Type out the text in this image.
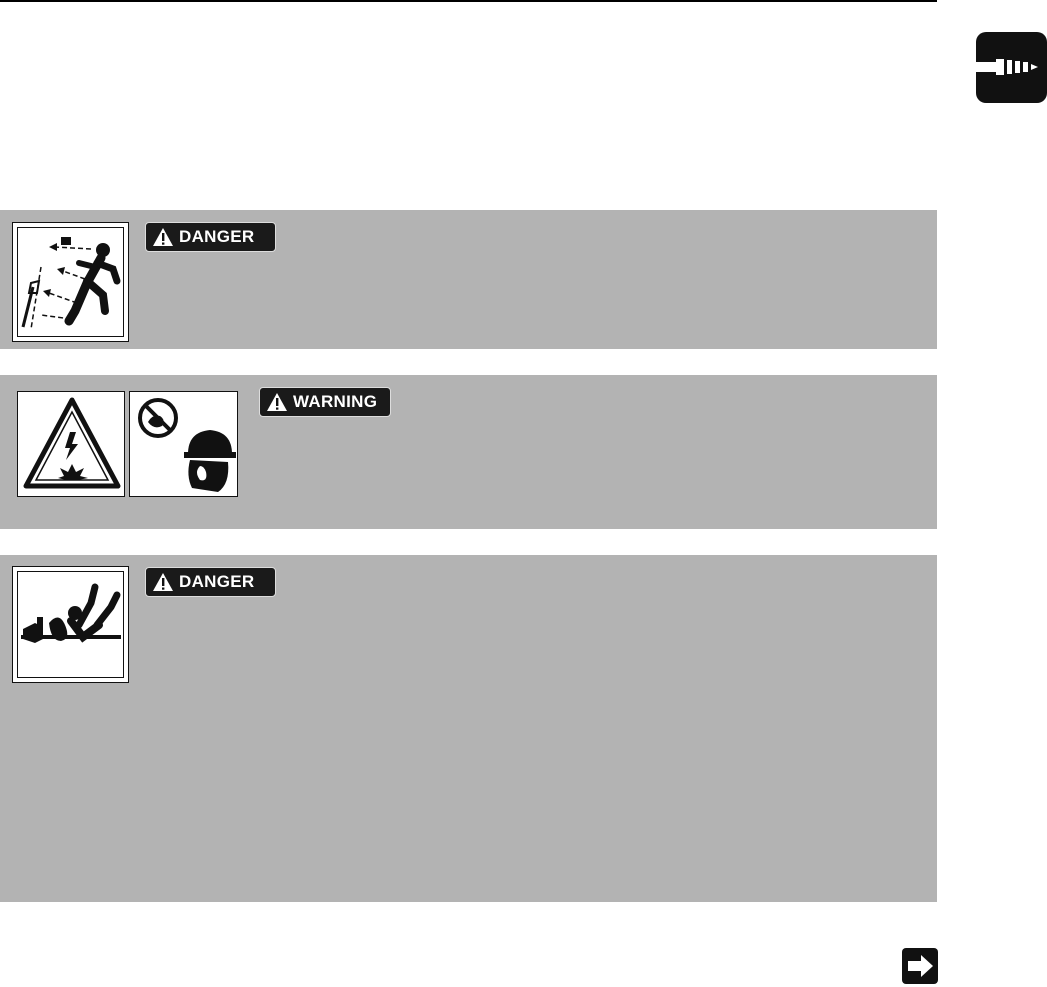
DANGER
WARNING
DANGER
